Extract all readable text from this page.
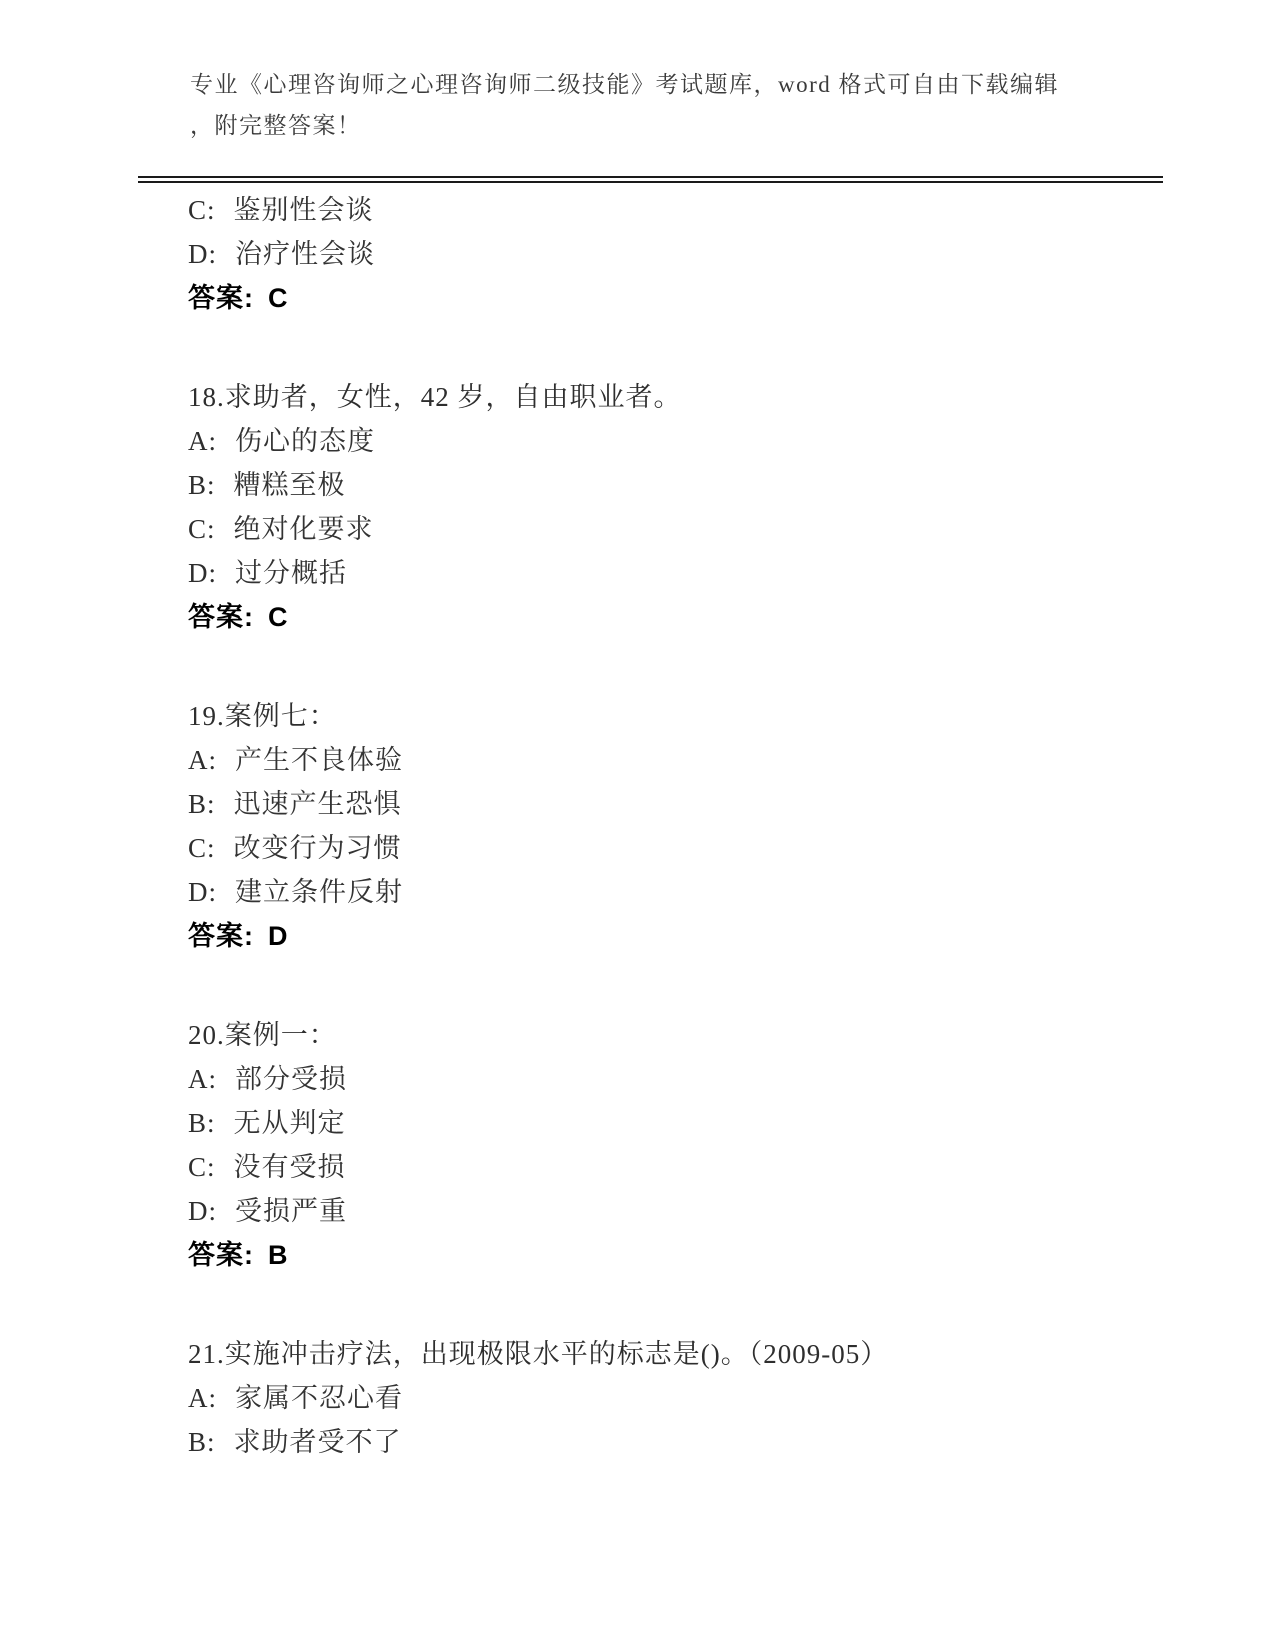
专业《心理咨询师之心理咨询师二级技能》考试题库，word 格式可自由下载编辑
，附完整答案！
C: 鉴别性会谈
D: 治疗性会谈
答案: C
18.求助者，女性，42 岁，自由职业者。
A: 伤心的态度
B: 糟糕至极
C: 绝对化要求
D: 过分概括
答案: C
19.案例七：
A: 产生不良体验
B: 迅速产生恐惧
C: 改变行为习惯
D: 建立条件反射
答案: D
20.案例一：
A: 部分受损
B: 无从判定
C: 没有受损
D: 受损严重
答案: B
21.实施冲击疗法，出现极限水平的标志是()。（2009-05）
A: 家属不忍心看
B: 求助者受不了
